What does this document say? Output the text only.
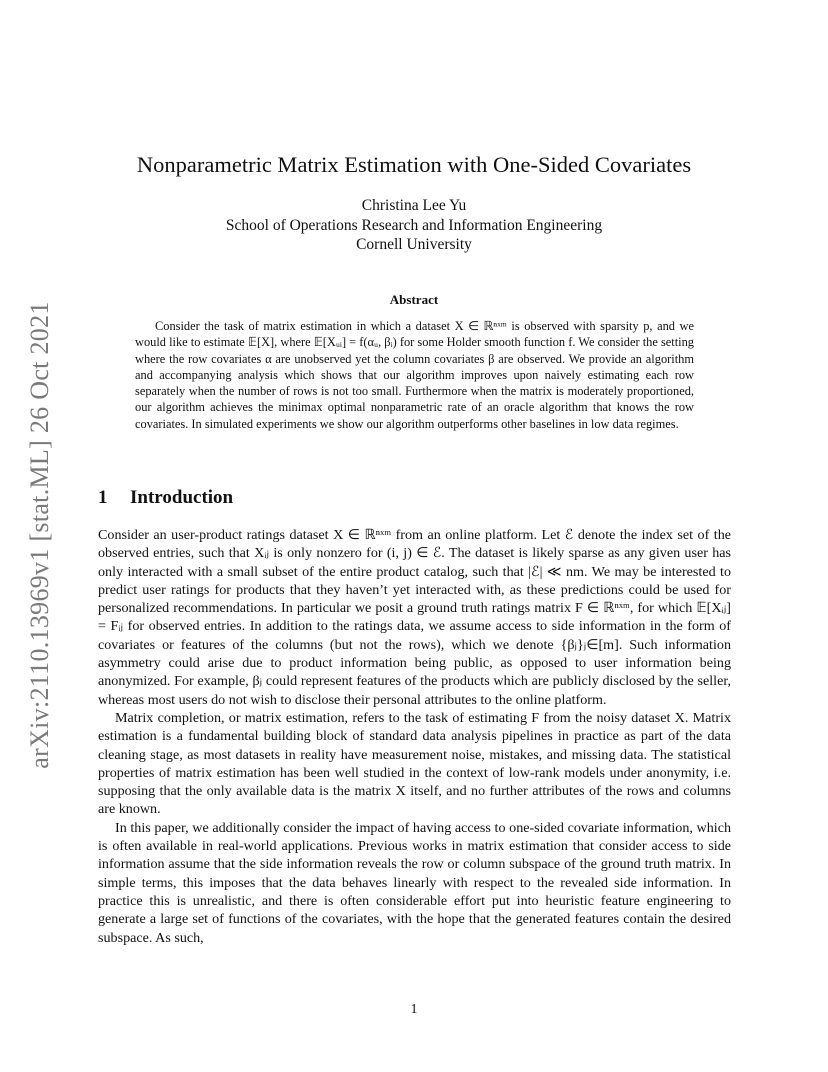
arXiv:2110.13969v1 [stat.ML] 26 Oct 2021
Nonparametric Matrix Estimation with One-Sided Covariates
Christina Lee Yu
School of Operations Research and Information Engineering
Cornell University
Abstract

Consider the task of matrix estimation in which a dataset X ∈ ℝⁿˣᵐ is observed with sparsity p, and we would like to estimate 𝔼[X], where 𝔼[Xᵤᵢ] = f(αᵤ, βᵢ) for some Holder smooth function f. We consider the setting where the row covariates α are unobserved yet the column covariates β are observed. We provide an algorithm and accompanying analysis which shows that our algorithm improves upon naively estimating each row separately when the number of rows is not too small. Furthermore when the matrix is moderately proportioned, our algorithm achieves the minimax optimal nonparametric rate of an oracle algorithm that knows the row covariates. In simulated experiments we show our algorithm outperforms other baselines in low data regimes.

1 Introduction

Consider an user-product ratings dataset X ∈ ℝⁿˣᵐ from an online platform. Let ℰ denote the index set of the observed entries, such that Xᵢⱼ is only nonzero for (i, j) ∈ ℰ. The dataset is likely sparse as any given user has only interacted with a small subset of the entire product catalog, such that |ℰ| ≪ nm. We may be interested to predict user ratings for products that they haven’t yet interacted with, as these predictions could be used for personalized recommendations. In particular we posit a ground truth ratings matrix F ∈ ℝⁿˣᵐ, for which 𝔼[Xᵢⱼ] = Fᵢⱼ for observed entries. In addition to the ratings data, we assume access to side information in the form of covariates or features of the columns (but not the rows), which we denote {βⱼ}ⱼ∈[m]. Such information asymmetry could arise due to product information being public, as opposed to user information being anonymized. For example, βⱼ could represent features of the products which are publicly disclosed by the seller, whereas most users do not wish to disclose their personal attributes to the online platform.

Matrix completion, or matrix estimation, refers to the task of estimating F from the noisy dataset X. Matrix estimation is a fundamental building block of standard data analysis pipelines in practice as part of the data cleaning stage, as most datasets in reality have measurement noise, mistakes, and missing data. The statistical properties of matrix estimation has been well studied in the context of low-rank models under anonymity, i.e. supposing that the only available data is the matrix X itself, and no further attributes of the rows and columns are known.

In this paper, we additionally consider the impact of having access to one-sided covariate information, which is often available in real-world applications. Previous works in matrix estimation that consider access to side information assume that the side information reveals the row or column subspace of the ground truth matrix. In simple terms, this imposes that the data behaves linearly with respect to the revealed side information. In practice this is unrealistic, and there is often considerable effort put into heuristic feature engineering to generate a large set of functions of the covariates, with the hope that the generated features contain the desired subspace. As such,

1
